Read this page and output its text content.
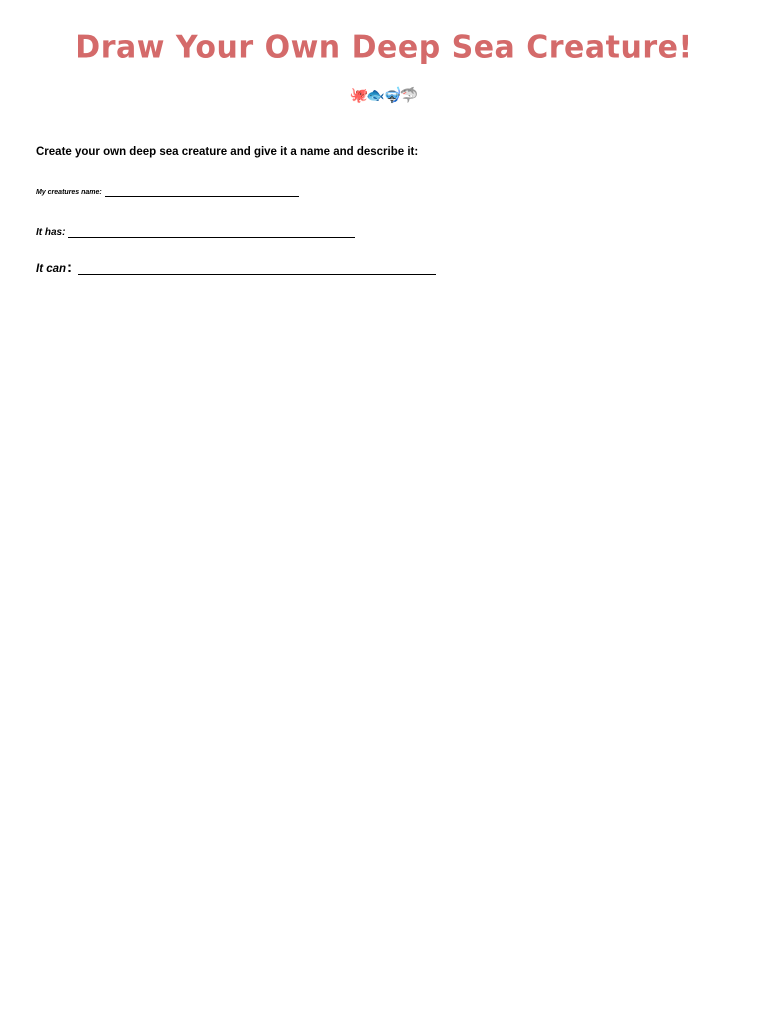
Draw Your Own Deep Sea Creature!
🐙🐟🤿🦈
Create your own deep sea creature and give it a name and describe it:
My creatures name:
It has:
It can :
